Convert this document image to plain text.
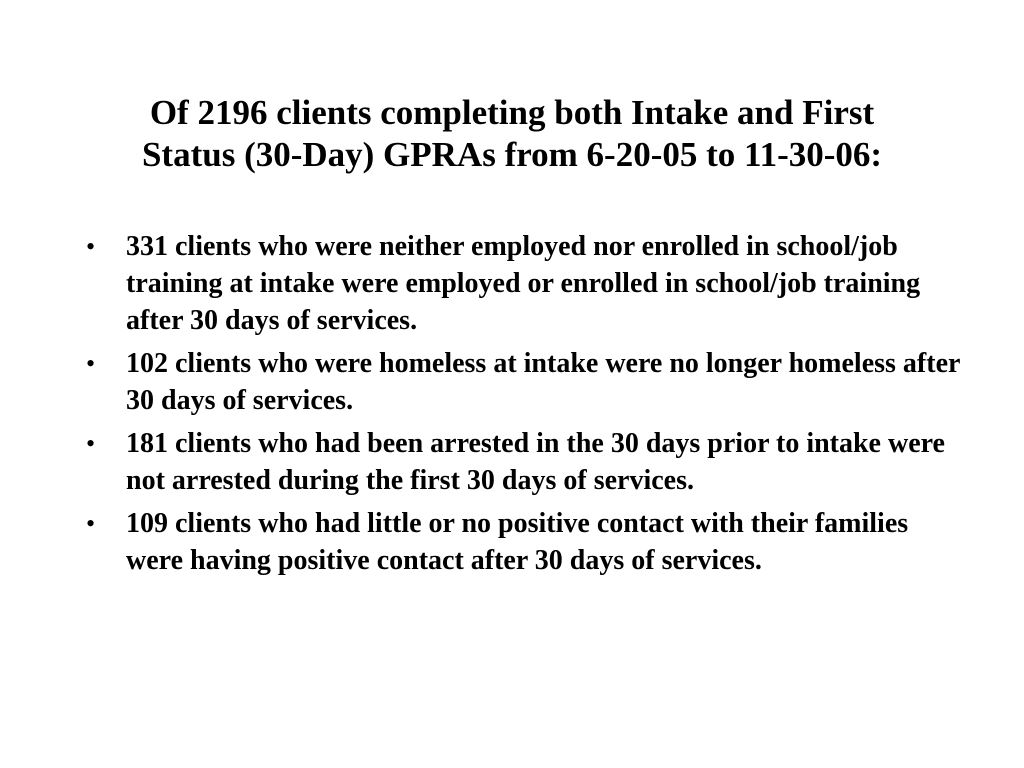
Of 2196 clients completing both Intake and First
Status (30-Day) GPRAs from 6-20-05 to 11-30-06:
• 331 clients who were neither employed nor enrolled in school/job training at intake were employed or enrolled in school/job training after 30 days of services.
• 102 clients who were homeless at intake were no longer homeless after 30 days of services.
• 181 clients who had been arrested in the 30 days prior to intake were not arrested during the first 30 days of services.
• 109 clients who had little or no positive contact with their families were having positive contact after 30 days of services.
